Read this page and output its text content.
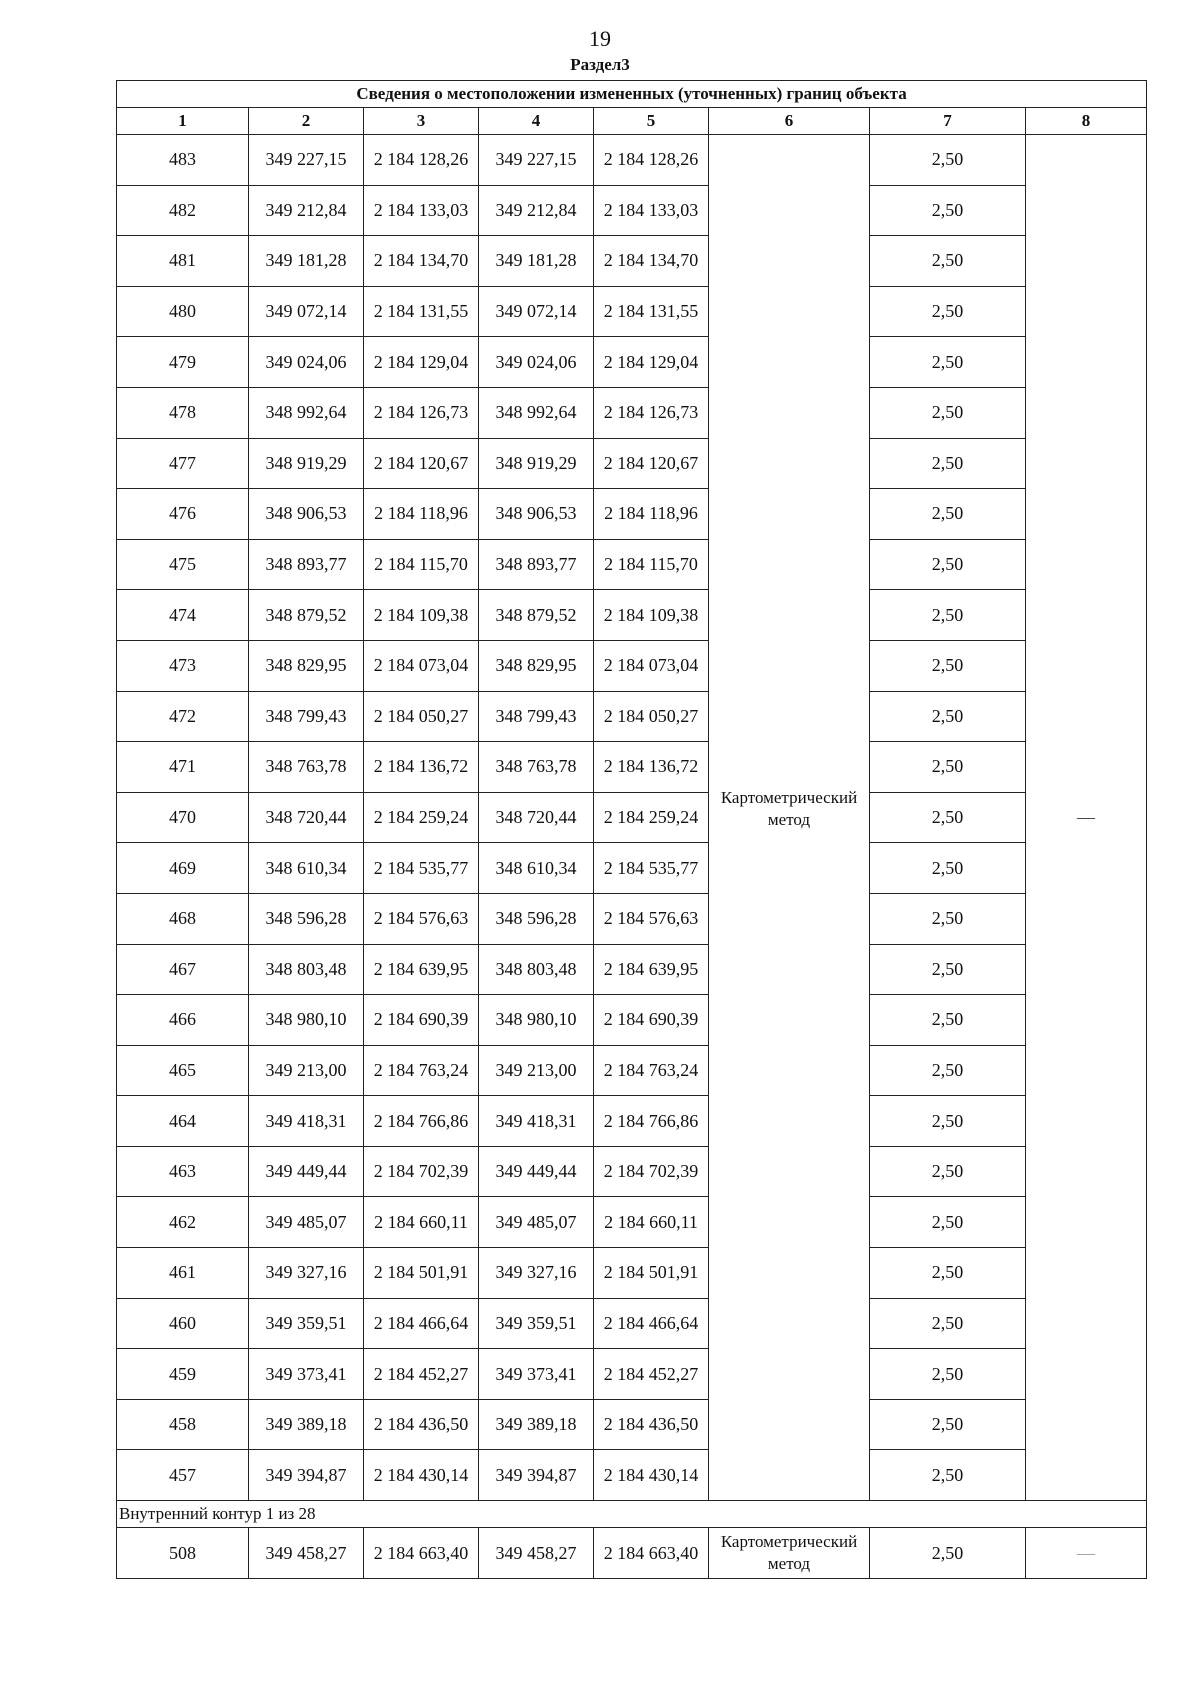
19
Раздел3
Сведения о местоположении измененных (уточненных) границ объекта							
1	2	3	4	5	6	7	8
483	349 227,15	2 184 128,26	349 227,15	2 184 128,26	Картометрический метод	2,50	—
482	349 212,84	2 184 133,03	349 212,84	2 184 133,03		2,50	
481	349 181,28	2 184 134,70	349 181,28	2 184 134,70		2,50	
480	349 072,14	2 184 131,55	349 072,14	2 184 131,55		2,50	
479	349 024,06	2 184 129,04	349 024,06	2 184 129,04		2,50	
478	348 992,64	2 184 126,73	348 992,64	2 184 126,73		2,50	
477	348 919,29	2 184 120,67	348 919,29	2 184 120,67		2,50	
476	348 906,53	2 184 118,96	348 906,53	2 184 118,96		2,50	
475	348 893,77	2 184 115,70	348 893,77	2 184 115,70		2,50	
474	348 879,52	2 184 109,38	348 879,52	2 184 109,38		2,50	
473	348 829,95	2 184 073,04	348 829,95	2 184 073,04		2,50	
472	348 799,43	2 184 050,27	348 799,43	2 184 050,27		2,50	
471	348 763,78	2 184 136,72	348 763,78	2 184 136,72		2,50	
470	348 720,44	2 184 259,24	348 720,44	2 184 259,24		2,50	
469	348 610,34	2 184 535,77	348 610,34	2 184 535,77		2,50	
468	348 596,28	2 184 576,63	348 596,28	2 184 576,63		2,50	
467	348 803,48	2 184 639,95	348 803,48	2 184 639,95		2,50	
466	348 980,10	2 184 690,39	348 980,10	2 184 690,39		2,50	
465	349 213,00	2 184 763,24	349 213,00	2 184 763,24		2,50	
464	349 418,31	2 184 766,86	349 418,31	2 184 766,86		2,50	
463	349 449,44	2 184 702,39	349 449,44	2 184 702,39		2,50	
462	349 485,07	2 184 660,11	349 485,07	2 184 660,11		2,50	
461	349 327,16	2 184 501,91	349 327,16	2 184 501,91		2,50	
460	349 359,51	2 184 466,64	349 359,51	2 184 466,64		2,50	
459	349 373,41	2 184 452,27	349 373,41	2 184 452,27		2,50	
458	349 389,18	2 184 436,50	349 389,18	2 184 436,50		2,50	
457	349 394,87	2 184 430,14	349 394,87	2 184 430,14		2,50	
Внутренний контур 1 из 28							
508	349 458,27	2 184 663,40	349 458,27	2 184 663,40	Картометрический метод	2,50	—
